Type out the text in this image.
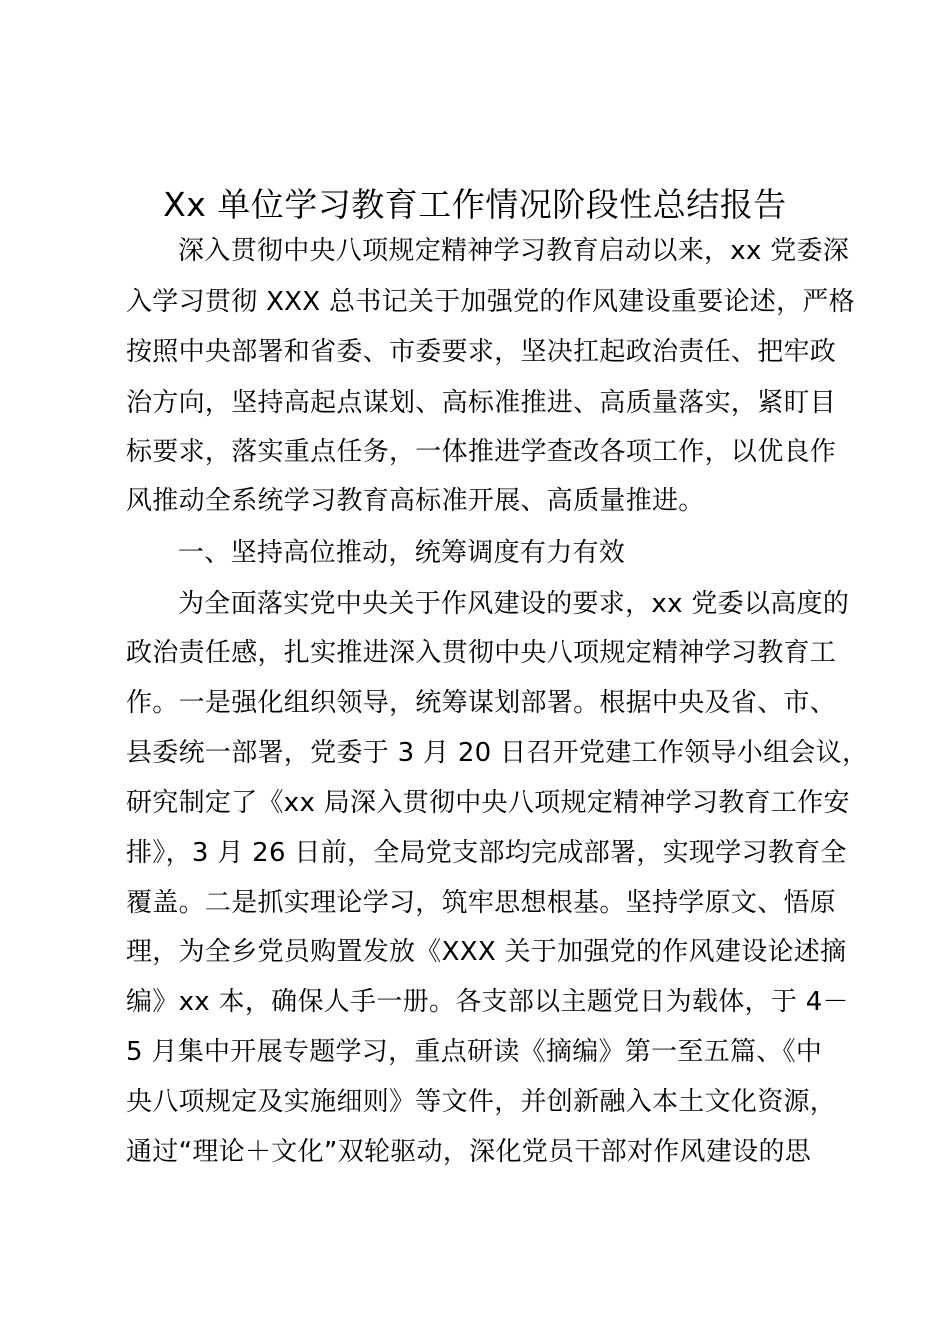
Xx 单位学习教育工作情况阶段性总结报告
深入贯彻中央八项规定精神学习教育启动以来，xx 党委深
入学习贯彻 XXX 总书记关于加强党的作风建设重要论述，严格
按照中央部署和省委、市委要求，坚决扛起政治责任、把牢政
治方向，坚持高起点谋划、高标准推进、高质量落实，紧盯目
标要求，落实重点任务，一体推进学查改各项工作，以优良作
风推动全系统学习教育高标准开展、高质量推进。
一、坚持高位推动，统筹调度有力有效
为全面落实党中央关于作风建设的要求，xx 党委以高度的
政治责任感，扎实推进深入贯彻中央八项规定精神学习教育工
作。一是强化组织领导，统筹谋划部署。根据中央及省、市、
县委统一部署，党委于 3 月 20 日召开党建工作领导小组会议，
研究制定了《xx 局深入贯彻中央八项规定精神学习教育工作安
排》，3 月 26 日前，全局党支部均完成部署，实现学习教育全
覆盖。二是抓实理论学习，筑牢思想根基。坚持学原文、悟原
理，为全乡党员购置发放《XXX 关于加强党的作风建设论述摘
编》xx 本，确保人手一册。各支部以主题党日为载体，于 4－
5 月集中开展专题学习，重点研读《摘编》第一至五篇、《中
央八项规定及实施细则》等文件，并创新融入本土文化资源，
通过“理论＋文化”双轮驱动，深化党员干部对作风建设的思
